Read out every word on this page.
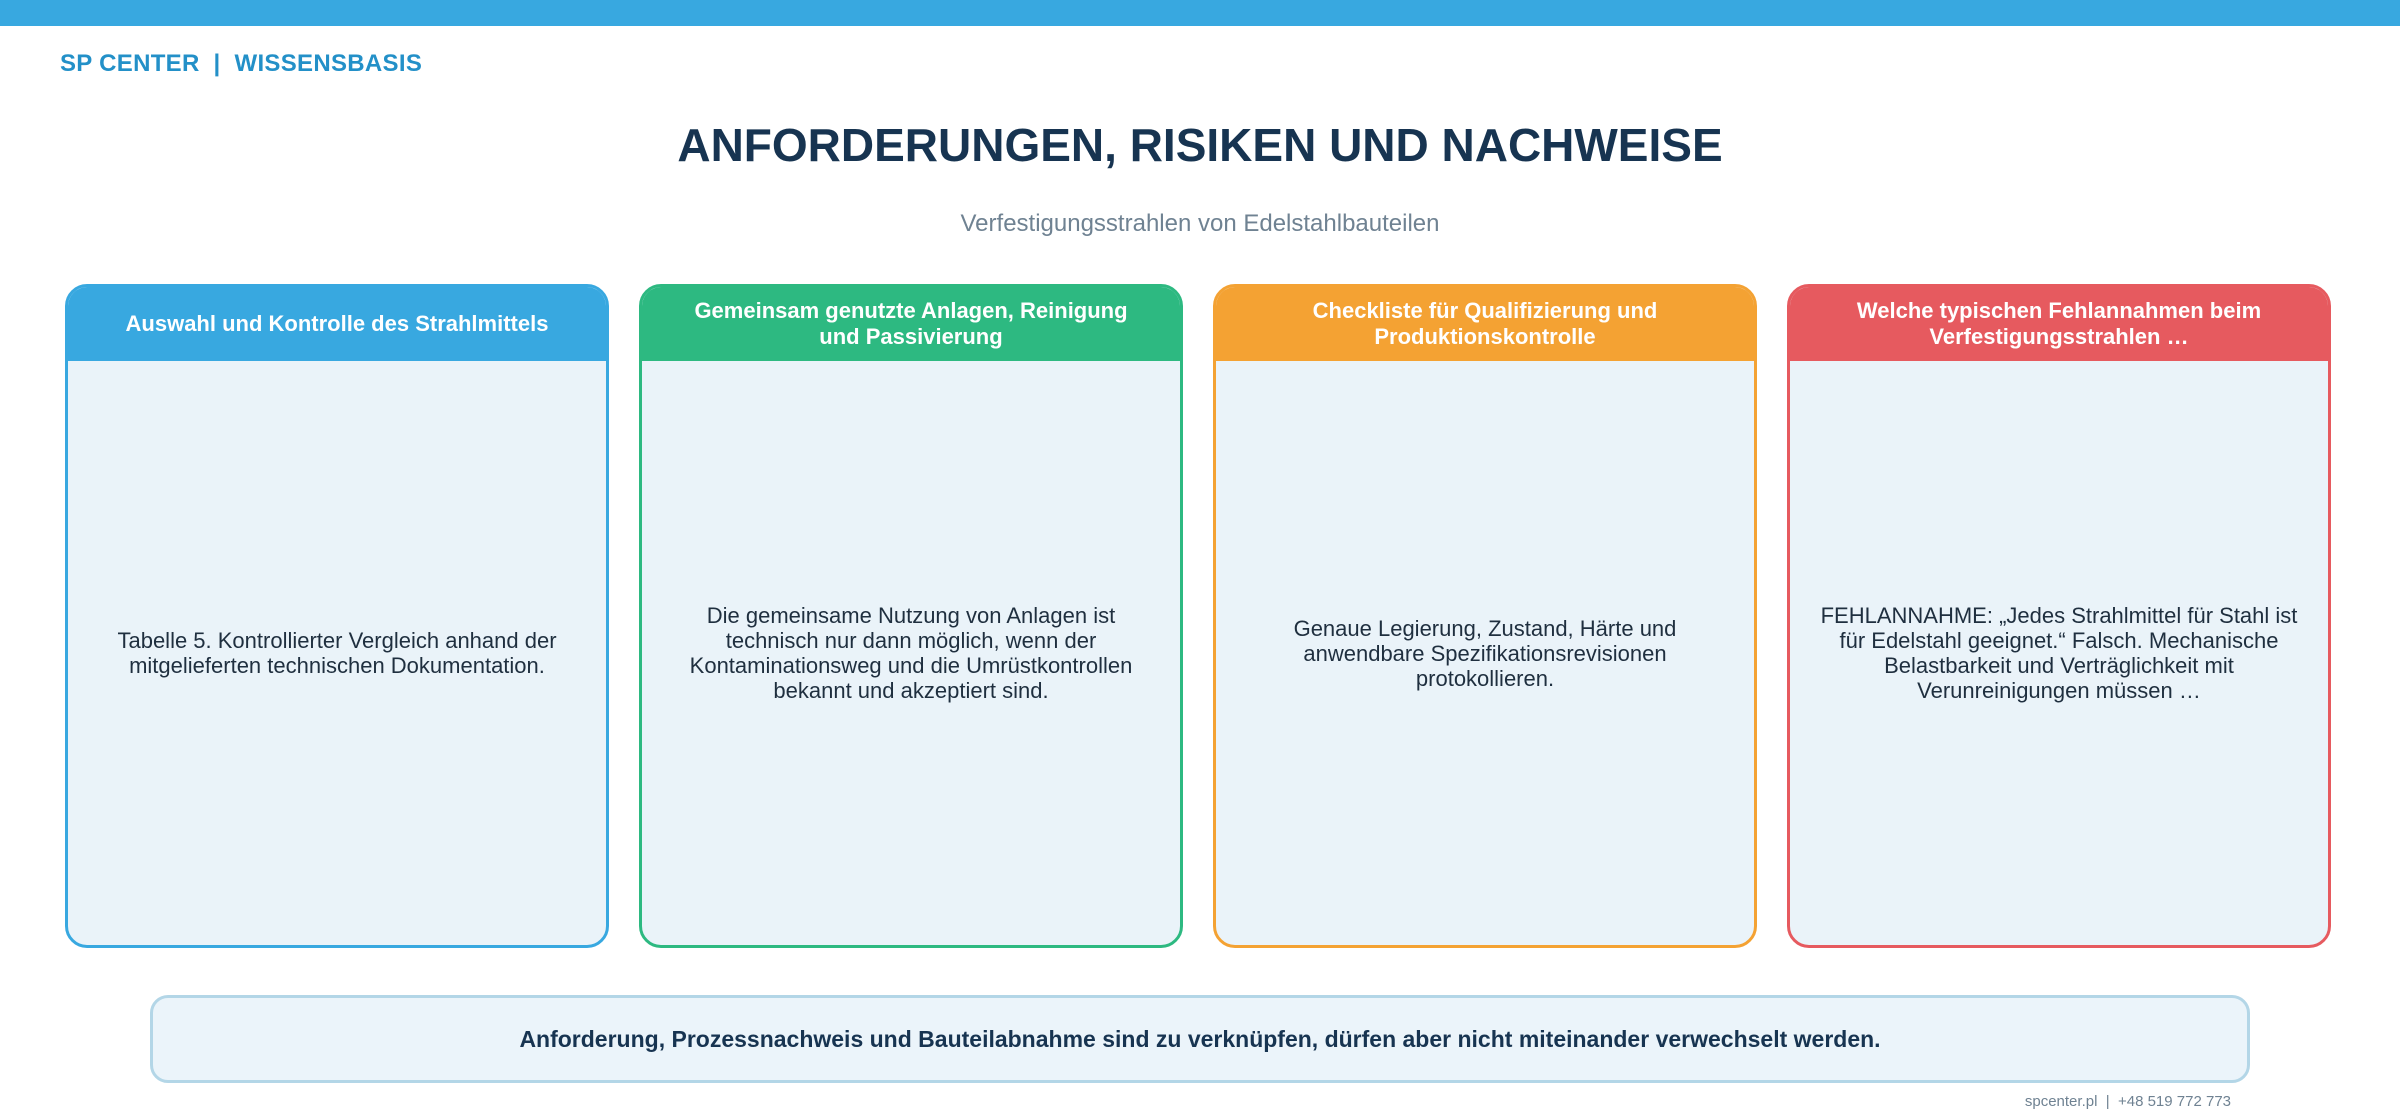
SP CENTER  |  WISSENSBASIS
ANFORDERUNGEN, RISIKEN UND NACHWEISE
Verfestigungsstrahlen von Edelstahlbauteilen
Auswahl und Kontrolle des Strahlmittels
Tabelle 5. Kontrollierter Vergleich anhand der mitgelieferten technischen Dokumentation.
Gemeinsam genutzte Anlagen, Reinigung und Passivierung
Die gemeinsame Nutzung von Anlagen ist technisch nur dann möglich, wenn der Kontaminationsweg und die Umrüstkontrollen bekannt und akzeptiert sind.
Checkliste für Qualifizierung und Produktionskontrolle
Genaue Legierung, Zustand, Härte und anwendbare Spezifikationsrevisionen protokollieren.
Welche typischen Fehlannahmen beim Verfestigungsstrahlen …
FEHLANNAHME: „Jedes Strahlmittel für Stahl ist für Edelstahl geeignet.“ Falsch. Mechanische Belastbarkeit und Verträglichkeit mit Verunreinigungen müssen …
Anforderung, Prozessnachweis und Bauteilabnahme sind zu verknüpfen, dürfen aber nicht miteinander verwechselt werden.
spcenter.pl  |  +48 519 772 773
